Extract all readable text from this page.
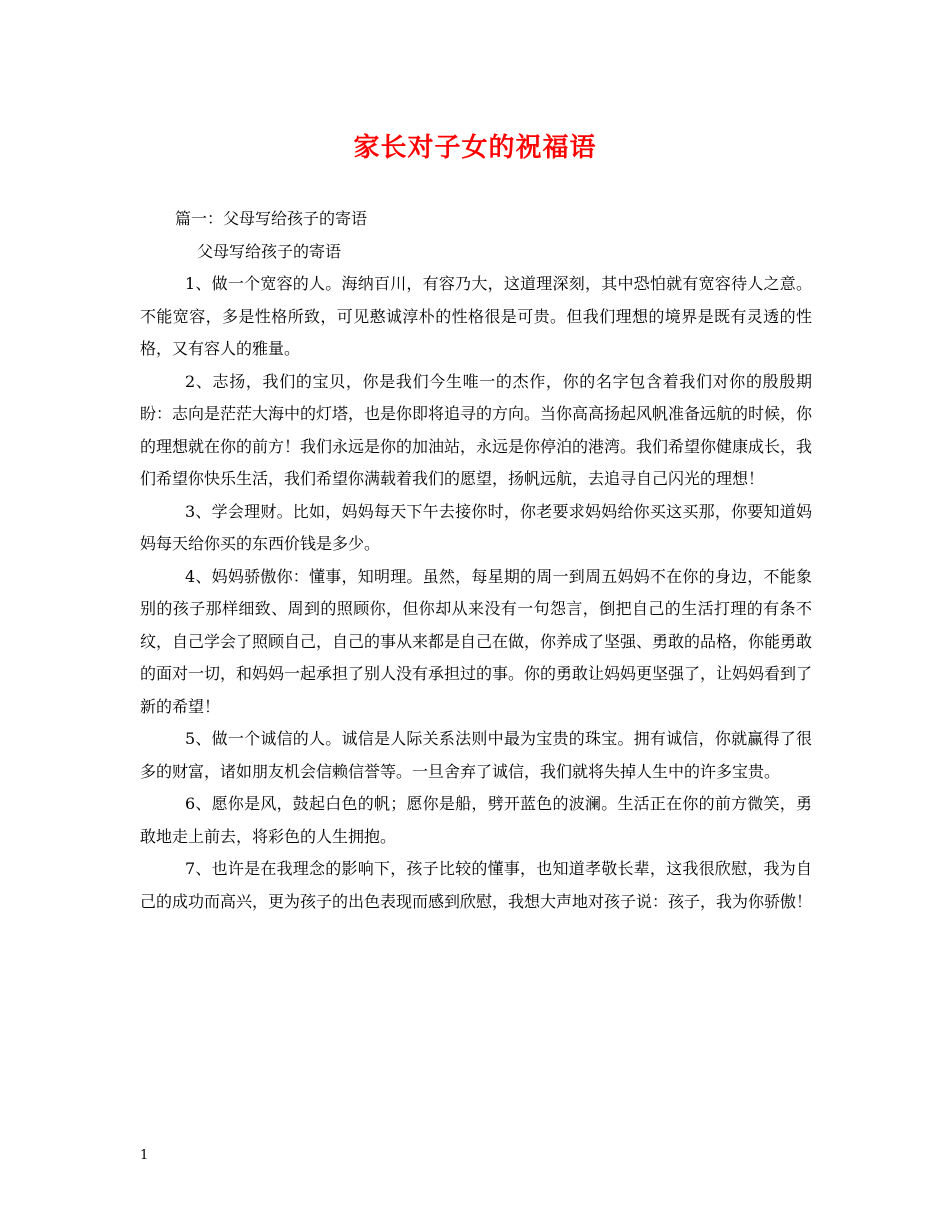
家长对子女的祝福语

篇一：父母写给孩子的寄语

父母写给孩子的寄语

1、做一个宽容的人。海纳百川，有容乃大，这道理深刻，其中恐怕就有宽容待人之意。不能宽容，多是性格所致，可见憨诚淳朴的性格很是可贵。但我们理想的境界是既有灵透的性格，又有容人的雅量。

2、志扬，我们的宝贝，你是我们今生唯一的杰作，你的名字包含着我们对你的殷殷期盼：志向是茫茫大海中的灯塔，也是你即将追寻的方向。当你高高扬起风帆准备远航的时候，你的理想就在你的前方！我们永远是你的加油站，永远是你停泊的港湾。我们希望你健康成长，我们希望你快乐生活，我们希望你满载着我们的愿望，扬帆远航，去追寻自己闪光的理想！

3、学会理财。比如，妈妈每天下午去接你时，你老要求妈妈给你买这买那，你要知道妈妈每天给你买的东西价钱是多少。

4、妈妈骄傲你：懂事，知明理。虽然，每星期的周一到周五妈妈不在你的身边，不能象别的孩子那样细致、周到的照顾你，但你却从来没有一句怨言，倒把自己的生活打理的有条不纹，自己学会了照顾自己，自己的事从来都是自己在做，你养成了坚强、勇敢的品格，你能勇敢的面对一切，和妈妈一起承担了别人没有承担过的事。你的勇敢让妈妈更坚强了，让妈妈看到了新的希望！

5、做一个诚信的人。诚信是人际关系法则中最为宝贵的珠宝。拥有诚信，你就赢得了很多的财富，诸如朋友机会信赖信誉等。一旦舍弃了诚信，我们就将失掉人生中的许多宝贵。

6、愿你是风，鼓起白色的帆；愿你是船，劈开蓝色的波澜。生活正在你的前方微笑，勇敢地走上前去，将彩色的人生拥抱。

7、也许是在我理念的影响下，孩子比较的懂事，也知道孝敬长辈，这我很欣慰，我为自己的成功而高兴，更为孩子的出色表现而感到欣慰，我想大声地对孩子说：孩子，我为你骄傲！

1
